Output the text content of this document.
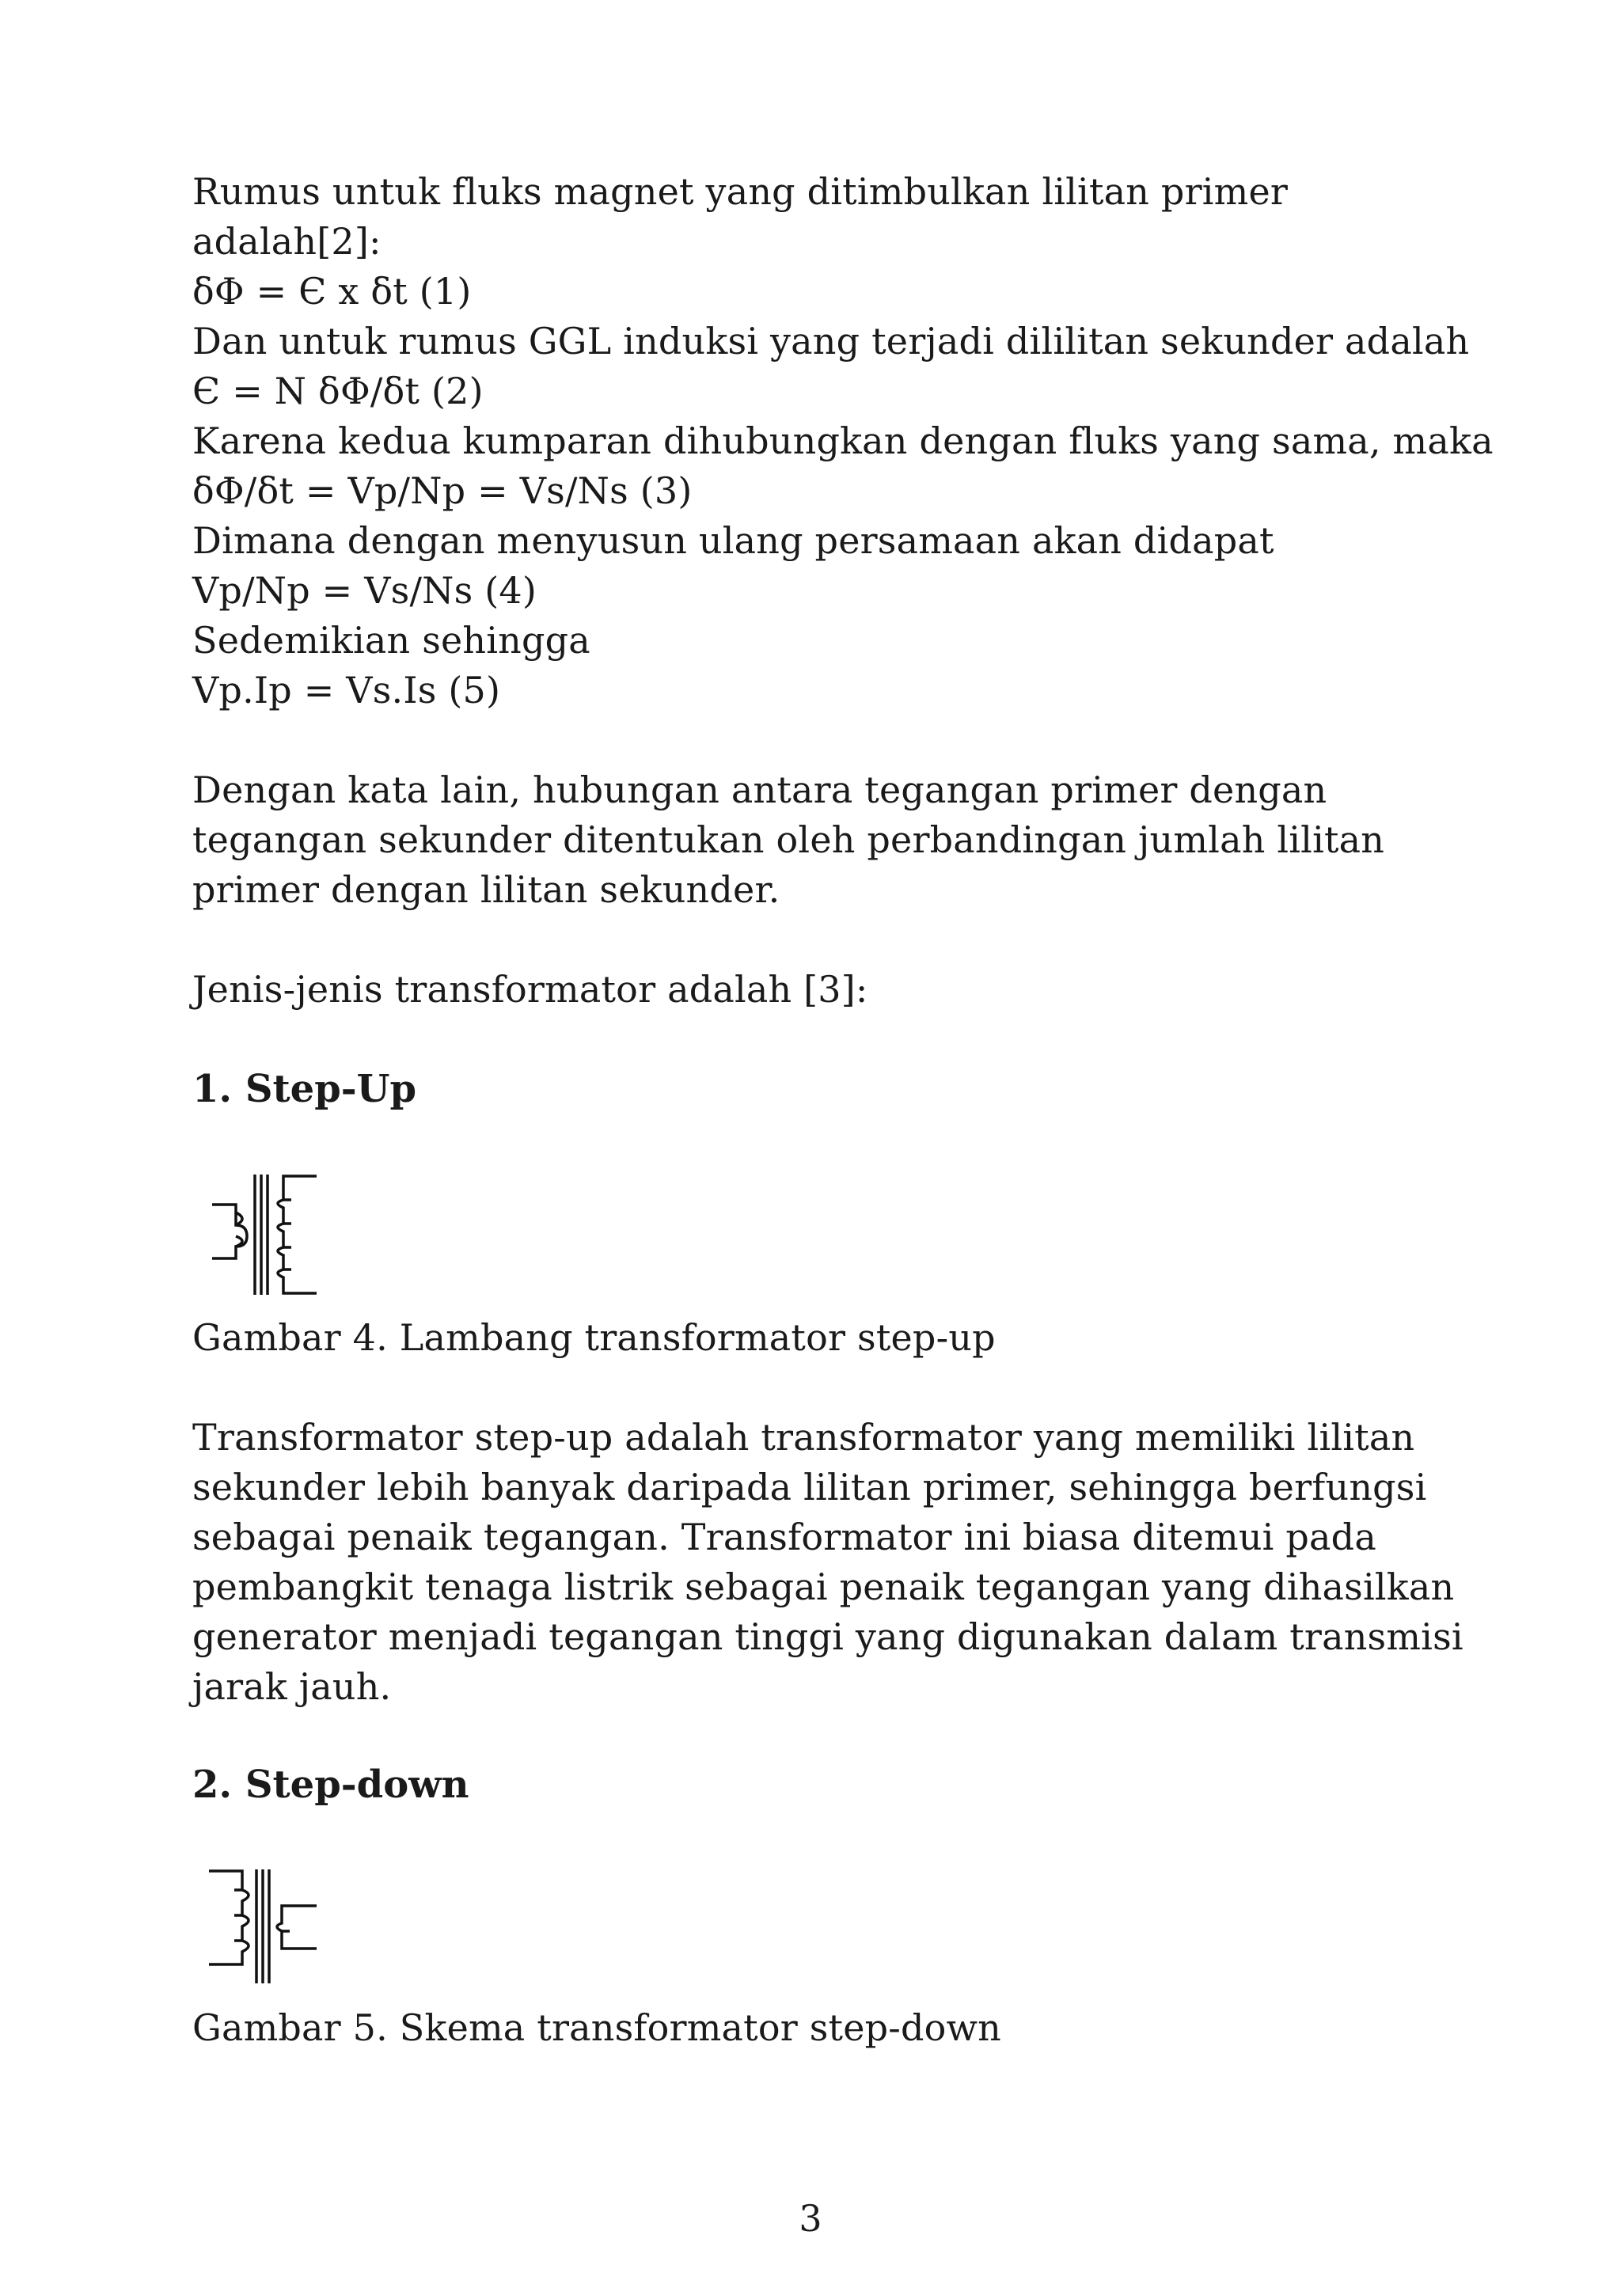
Rumus untuk fluks magnet yang ditimbulkan lilitan primer
adalah[2]:
δΦ = Є x δt (1)
Dan untuk rumus GGL induksi yang terjadi dililitan sekunder adalah
Є = N δΦ/δt (2)
Karena kedua kumparan dihubungkan dengan fluks yang sama, maka
δΦ/δt = Vp/Np = Vs/Ns (3)
Dimana dengan menyusun ulang persamaan akan didapat
Vp/Np = Vs/Ns (4)
Sedemikian sehingga
Vp.Ip = Vs.Is (5)
Dengan kata lain, hubungan antara tegangan primer dengan
tegangan sekunder ditentukan oleh perbandingan jumlah lilitan
primer dengan lilitan sekunder.
Jenis-jenis transformator adalah [3]:
1. Step-Up
Gambar 4. Lambang transformator step-up
Transformator step-up adalah transformator yang memiliki lilitan
sekunder lebih banyak daripada lilitan primer, sehingga berfungsi
sebagai penaik tegangan. Transformator ini biasa ditemui pada
pembangkit tenaga listrik sebagai penaik tegangan yang dihasilkan
generator menjadi tegangan tinggi yang digunakan dalam transmisi
jarak jauh.
2. Step-down
Gambar 5. Skema transformator step-down
3
